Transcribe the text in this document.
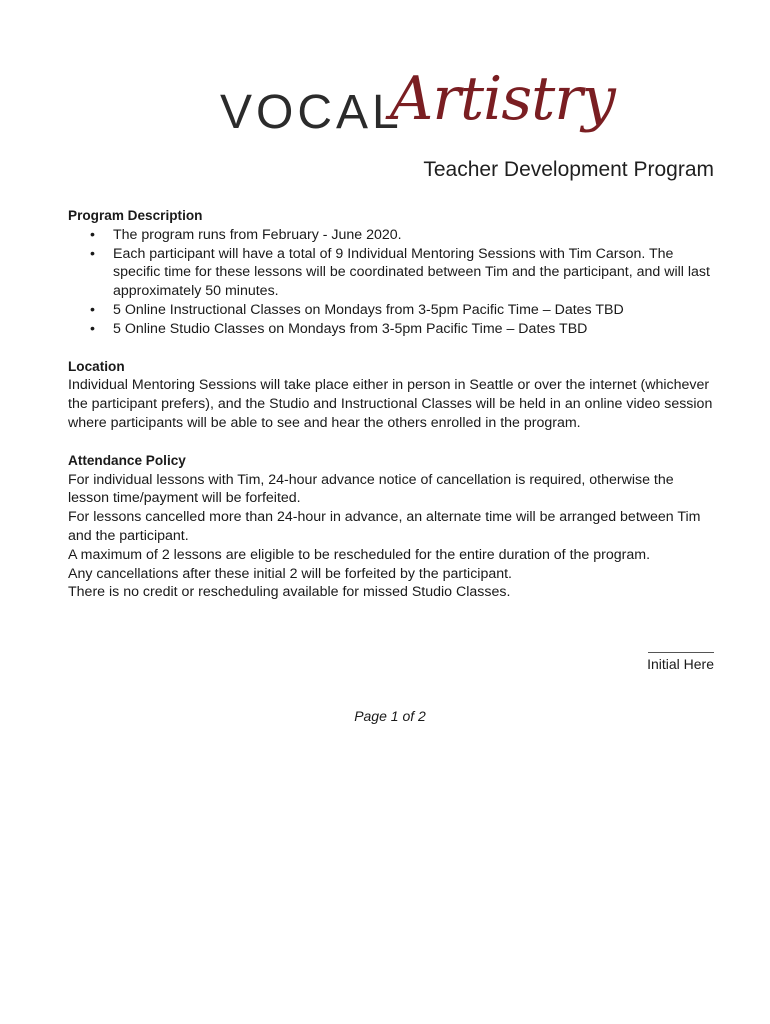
VOCAL
Artistry
Teacher Development Program

Program Description

• The program runs from February - June 2020.
• Each participant will have a total of 9 Individual Mentoring Sessions with Tim Carson. The specific time for these lessons will be coordinated between Tim and the participant, and will last approximately 50 minutes.
• 5 Online Instructional Classes on Mondays from 3-5pm Pacific Time – Dates TBD
• 5 Online Studio Classes on Mondays from 3-5pm Pacific Time – Dates TBD

Location

Individual Mentoring Sessions will take place either in person in Seattle or over the internet (whichever the participant prefers), and the Studio and Instructional Classes will be held in an online video session where participants will be able to see and hear the others enrolled in the program.

Attendance Policy

For individual lessons with Tim, 24-hour advance notice of cancellation is required, otherwise the lesson time/payment will be forfeited.

For lessons cancelled more than 24-hour in advance, an alternate time will be arranged between Tim and the participant.

A maximum of 2 lessons are eligible to be rescheduled for the entire duration of the program.

Any cancellations after these initial 2 will be forfeited by the participant.

There is no credit or rescheduling available for missed Studio Classes.

Initial Here
Page 1 of 2
